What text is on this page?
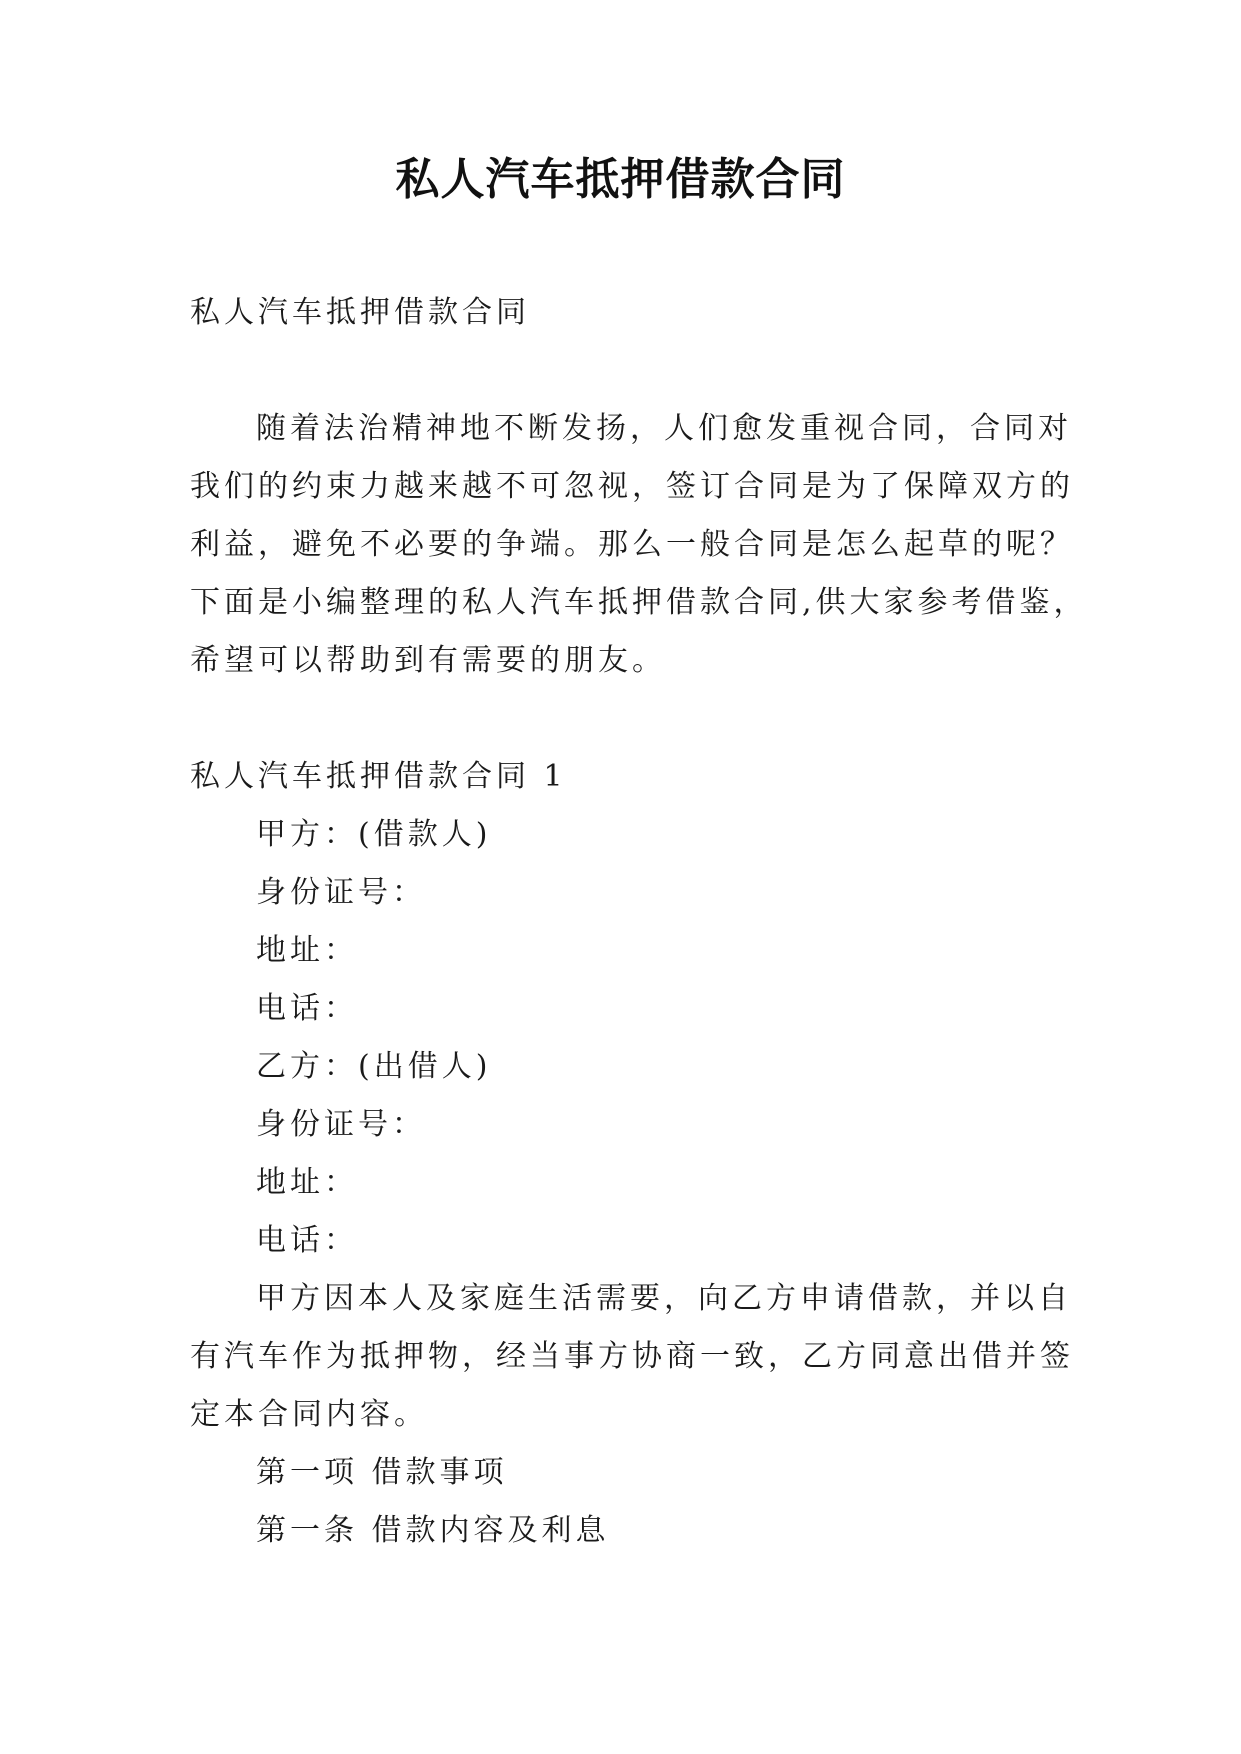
私人汽车抵押借款合同
私人汽车抵押借款合同
随着法治精神地不断发扬，人们愈发重视合同，合同对
我们的约束力越来越不可忽视，签订合同是为了保障双方的
利益，避免不必要的争端。那么一般合同是怎么起草的呢？
下面是小编整理的私人汽车抵押借款合同,供大家参考借鉴，
希望可以帮助到有需要的朋友。
私人汽车抵押借款合同 1
甲方：(借款人)
身份证号：
地址：
电话：
乙方：(出借人)
身份证号：
地址：
电话：
甲方因本人及家庭生活需要，向乙方申请借款，并以自
有汽车作为抵押物，经当事方协商一致，乙方同意出借并签
定本合同内容。
第一项 借款事项
第一条 借款内容及利息
